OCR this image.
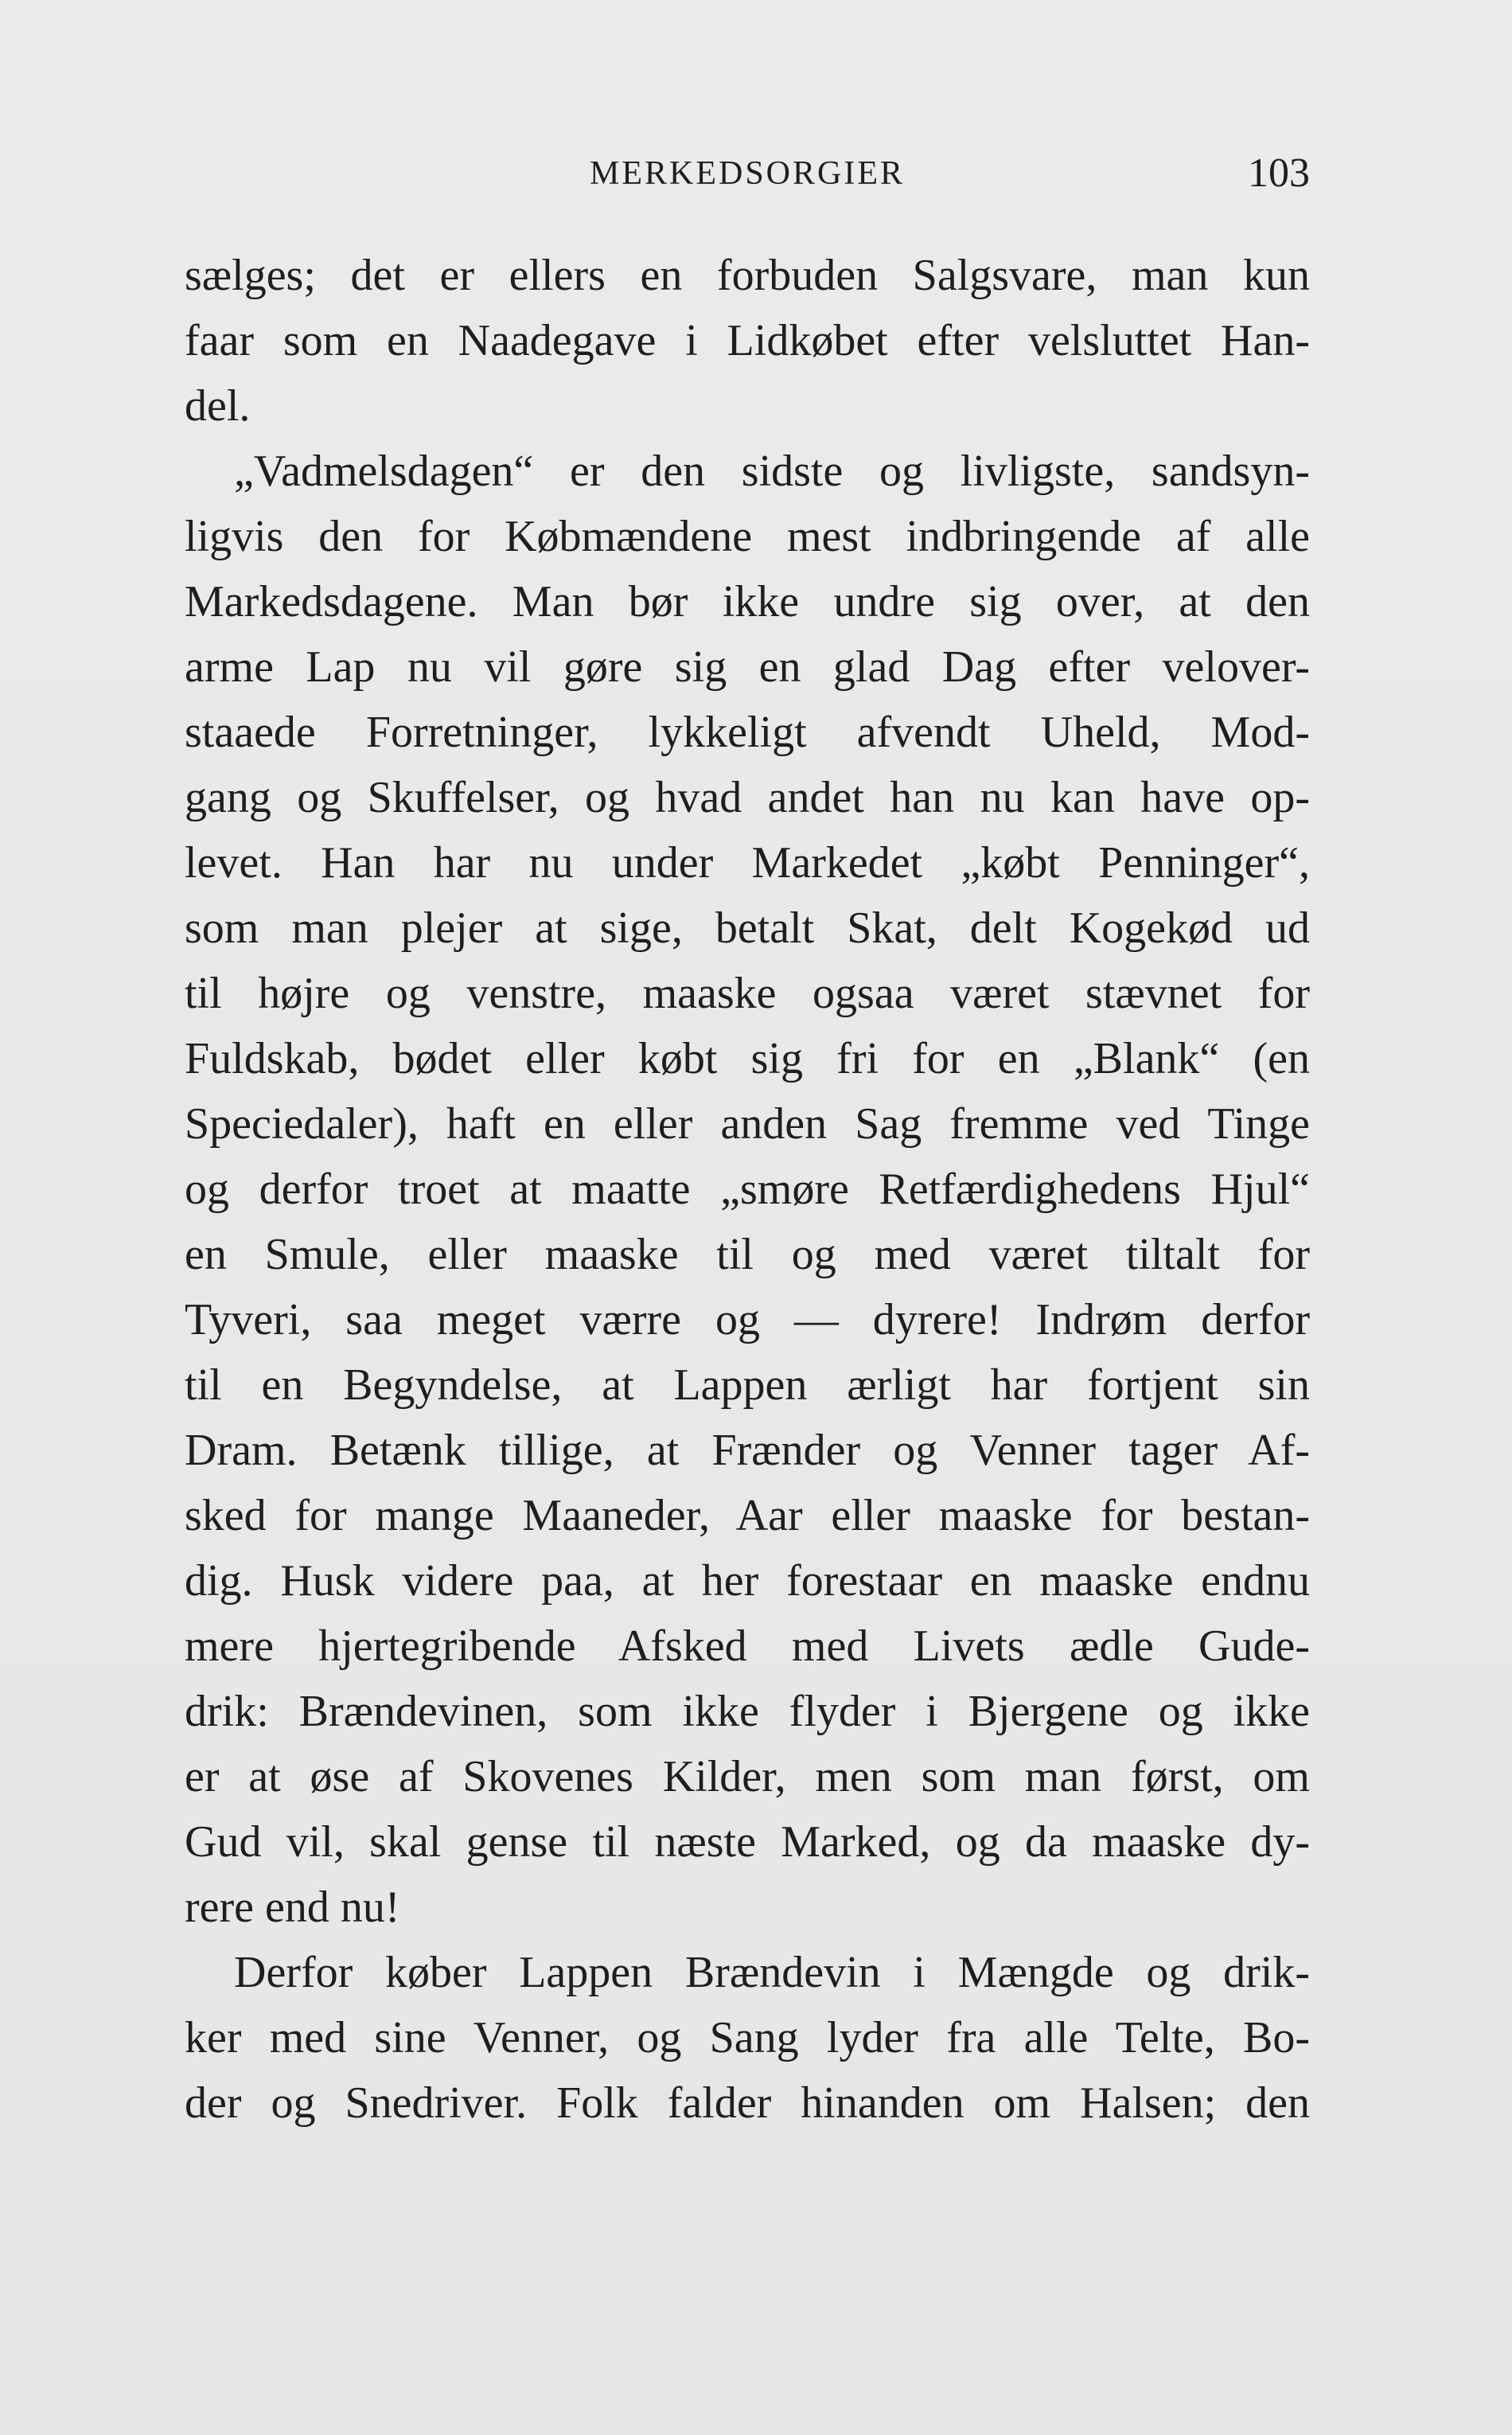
MERKEDSORGIER	103
sælges; det er ellers en forbuden Salgsvare, man kun
faar som en Naadegave i Lidkøbet efter velsluttet Han-
del.
„Vadmelsdagen“ er den sidste og livligste, sandsyn-
ligvis den for Købmændene mest indbringende af alle
Markedsdagene. Man bør ikke undre sig over, at den
arme Lap nu vil gøre sig en glad Dag efter velover-
staaede Forretninger, lykkeligt afvendt Uheld, Mod-
gang og Skuffelser, og hvad andet han nu kan have op-
levet. Han har nu under Markedet „købt Penninger“,
som man plejer at sige, betalt Skat, delt Kogekød ud
til højre og venstre, maaske ogsaa været stævnet for
Fuldskab, bødet eller købt sig fri for en „Blank“ (en
Speciedaler), haft en eller anden Sag fremme ved Tinge
og derfor troet at maatte „smøre Retfærdighedens Hjul“
en Smule, eller maaske til og med været tiltalt for
Tyveri, saa meget værre og — dyrere! Indrøm derfor
til en Begyndelse, at Lappen ærligt har fortjent sin
Dram. Betænk tillige, at Frænder og Venner tager Af-
sked for mange Maaneder, Aar eller maaske for bestan-
dig. Husk videre paa, at her forestaar en maaske endnu
mere hjertegribende Afsked med Livets ædle Gude-
drik: Brændevinen, som ikke flyder i Bjergene og ikke
er at øse af Skovenes Kilder, men som man først, om
Gud vil, skal gense til næste Marked, og da maaske dy-
rere end nu!
Derfor køber Lappen Brændevin i Mængde og drik-
ker med sine Venner, og Sang lyder fra alle Telte, Bo-
der og Snedriver. Folk falder hinanden om Halsen; den
